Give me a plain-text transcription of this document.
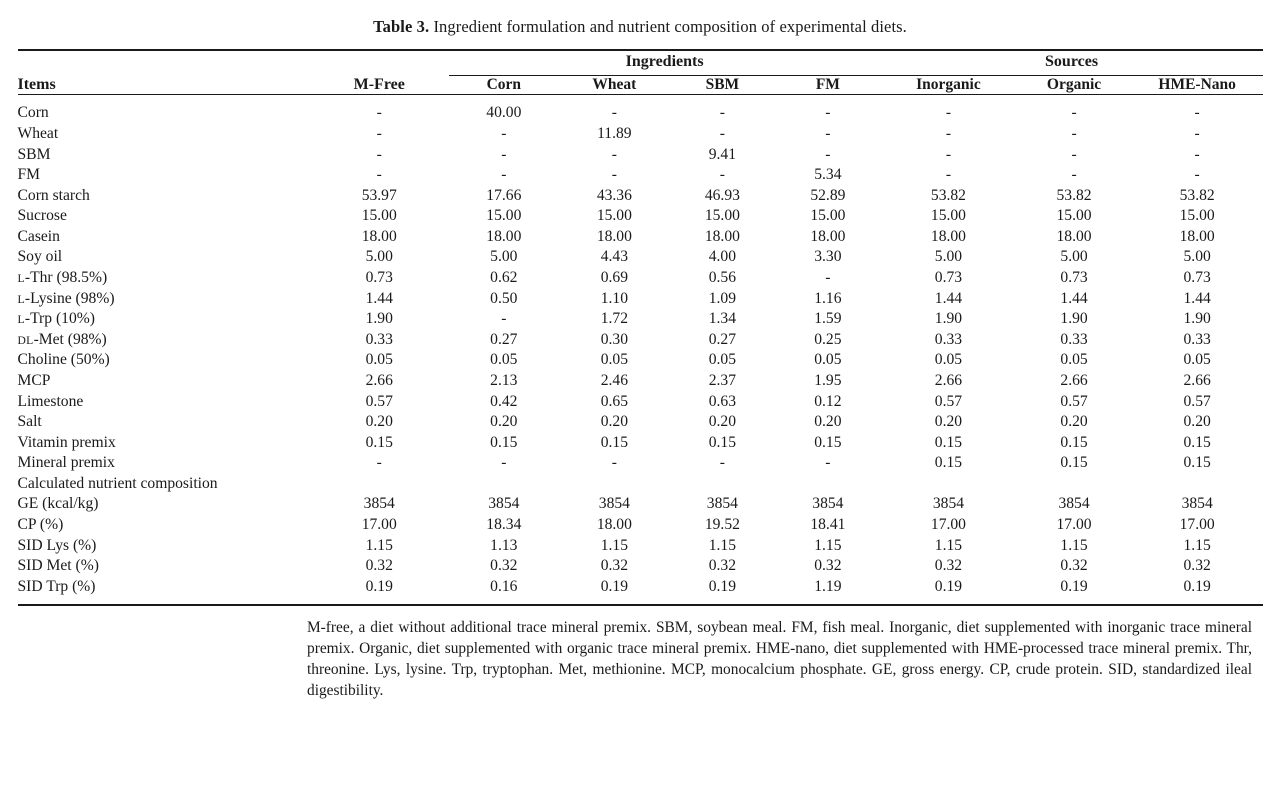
Table 3. Ingredient formulation and nutrient composition of experimental diets.

Items	M-Free		Ingredients				Sources		

			Corn	Wheat	SBM	FM	Inorganic	Organic	HME-Nano

Corn	-		40.00	-	-	-	-	-	-
Wheat	-		-	11.89	-	-	-	-	-
SBM	-		-	-	9.41	-	-	-	-
FM	-		-	-	-	5.34	-	-	-
Corn starch	53.97		17.66	43.36	46.93	52.89	53.82	53.82	53.82
Sucrose	15.00		15.00	15.00	15.00	15.00	15.00	15.00	15.00
Casein	18.00		18.00	18.00	18.00	18.00	18.00	18.00	18.00
Soy oil	5.00		5.00	4.43	4.00	3.30	5.00	5.00	5.00
L-Thr (98.5%)	0.73		0.62	0.69	0.56	-	0.73	0.73	0.73
L-Lysine (98%)	1.44		0.50	1.10	1.09	1.16	1.44	1.44	1.44
L-Trp (10%)	1.90		-	1.72	1.34	1.59	1.90	1.90	1.90
DL-Met (98%)	0.33		0.27	0.30	0.27	0.25	0.33	0.33	0.33
Choline (50%)	0.05		0.05	0.05	0.05	0.05	0.05	0.05	0.05
MCP	2.66		2.13	2.46	2.37	1.95	2.66	2.66	2.66
Limestone	0.57		0.42	0.65	0.63	0.12	0.57	0.57	0.57
Salt	0.20		0.20	0.20	0.20	0.20	0.20	0.20	0.20
Vitamin premix	0.15		0.15	0.15	0.15	0.15	0.15	0.15	0.15
Mineral premix	-		-	-	-	-	0.15	0.15	0.15
Calculated nutrient composition									
GE (kcal/kg)	3854		3854	3854	3854	3854	3854	3854	3854
CP (%)	17.00		18.34	18.00	19.52	18.41	17.00	17.00	17.00
SID Lys (%)	1.15		1.13	1.15	1.15	1.15	1.15	1.15	1.15
SID Met (%)	0.32		0.32	0.32	0.32	0.32	0.32	0.32	0.32
SID Trp (%)	0.19		0.16	0.19	0.19	1.19	0.19	0.19	0.19

M-free, a diet without additional trace mineral premix. SBM, soybean meal. FM, fish meal. Inorganic, diet supplemented with inorganic trace mineral premix. Organic, diet supplemented with organic trace mineral premix. HME-nano, diet supplemented with HME-processed trace mineral premix. Thr, threonine. Lys, lysine. Trp, tryptophan. Met, methionine. MCP, monocalcium phosphate. GE, gross energy. CP, crude protein. SID, standardized ileal digestibility.
